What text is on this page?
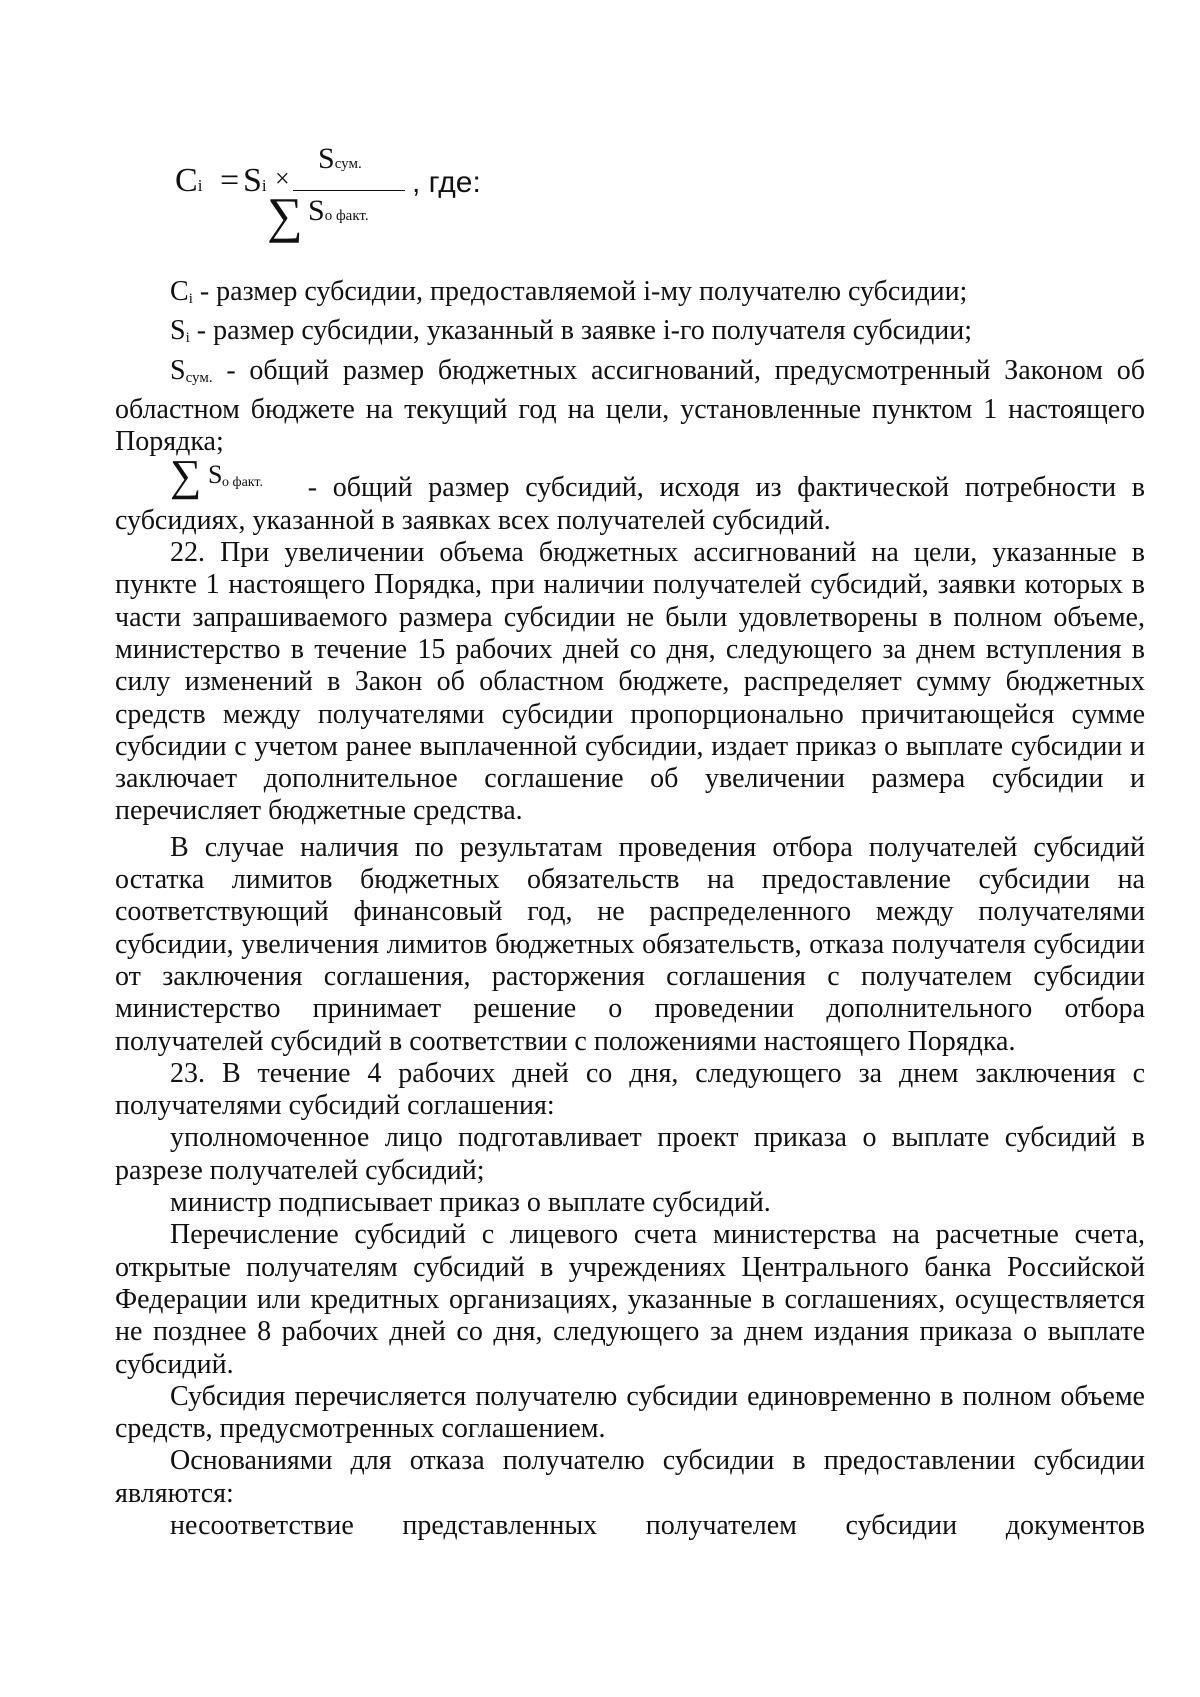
Ci = Si ×
Sсум.
∑ Sо факт.
, где:

Ci - размер субсидии, предоставляемой i-му получателю субсидии;

Si - размер субсидии, указанный в заявке i-го получателя субсидии;

Sсум. - общий размер бюджетных ассигнований, предусмотренный Законом об областном бюджете на текущий год на цели, установленные пунктом 1 настоящего Порядка;

∑ S о факт. - общий размер субсидий, исходя из фактической потребности в субсидиях, указанной в заявках всех получателей субсидий.

22. При увеличении объема бюджетных ассигнований на цели, указанные в пункте 1 настоящего Порядка, при наличии получателей субсидий, заявки которых в части запрашиваемого размера субсидии не были удовлетворены в полном объеме, министерство в течение 15 рабочих дней со дня, следующего за днем вступления в силу изменений в Закон об областном бюджете, распределяет сумму бюджетных средств между получателями субсидии пропорционально причитающейся сумме субсидии с учетом ранее выплаченной субсидии, издает приказ о выплате субсидии и заключает дополнительное соглашение об увеличении размера субсидии и перечисляет бюджетные средства.

В случае наличия по результатам проведения отбора получателей субсидий остатка лимитов бюджетных обязательств на предоставление субсидии на соответствующий финансовый год, не распределенного между получателями субсидии, увеличения лимитов бюджетных обязательств, отказа получателя субсидии от заключения соглашения, расторжения соглашения с получателем субсидии министерство принимает решение о проведении дополнительного отбора получателей субсидий в соответствии с положениями настоящего Порядка.

23. В течение 4 рабочих дней со дня, следующего за днем заключения с получателями субсидий соглашения:

уполномоченное лицо подготавливает проект приказа о выплате субсидий в разрезе получателей субсидий;

министр подписывает приказ о выплате субсидий.

Перечисление субсидий с лицевого счета министерства на расчетные счета, открытые получателям субсидий в учреждениях Центрального банка Российской Федерации или кредитных организациях, указанные в соглашениях, осуществляется не позднее 8 рабочих дней со дня, следующего за днем издания приказа о выплате субсидий.

Субсидия перечисляется получателю субсидии единовременно в полном объеме средств, предусмотренных соглашением.

Основаниями для отказа получателю субсидии в предоставлении субсидии являются:

несоответствие представленных получателем субсидии документов
